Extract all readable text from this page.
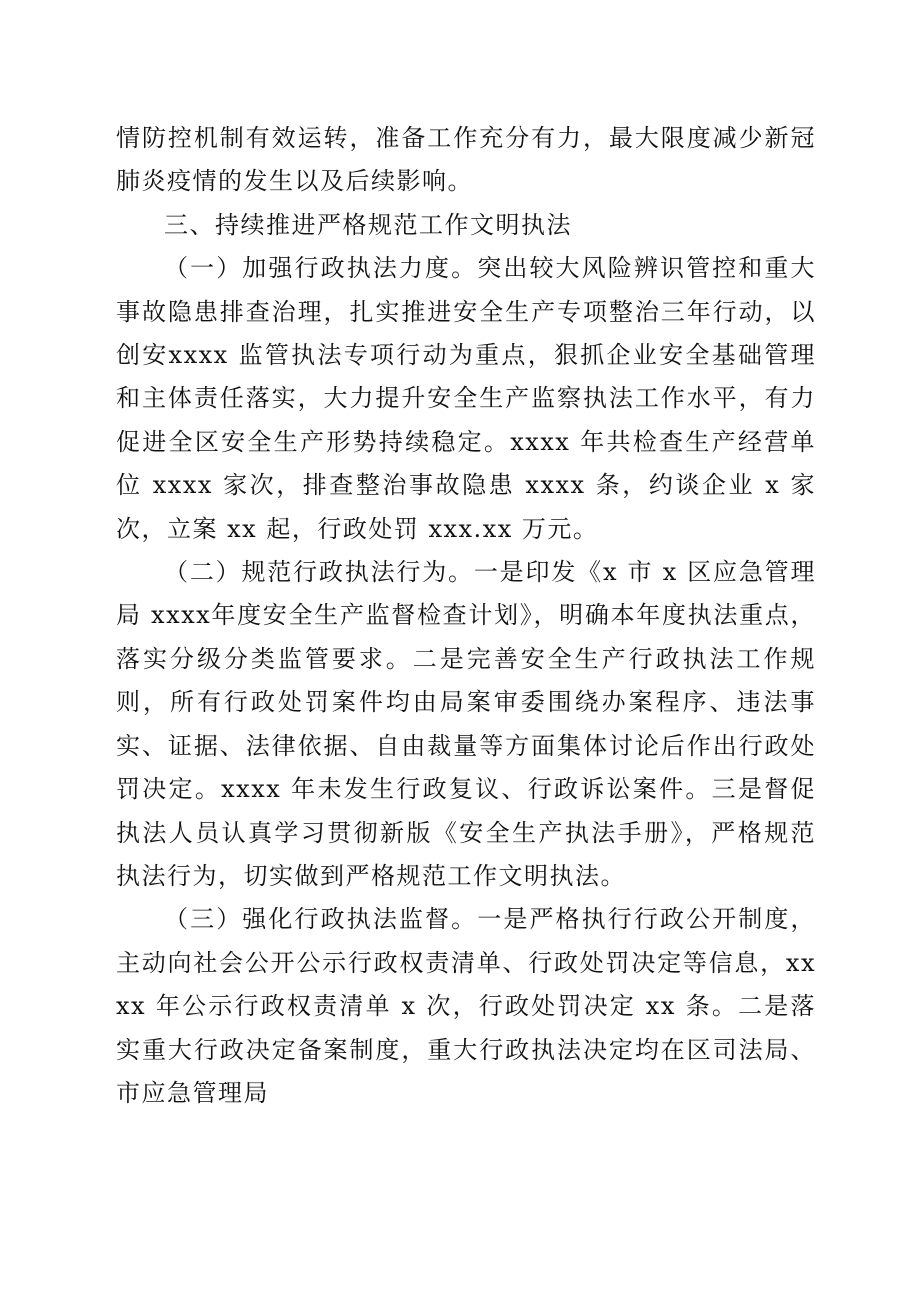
情防控机制有效运转，准备工作充分有力，最大限度减少新冠肺炎疫情的发生以及后续影响。

三、持续推进严格规范工作文明执法

（一）加强行政执法力度。突出较大风险辨识管控和重大事故隐患排查治理，扎实推进安全生产专项整治三年行动，以创安xxxx 监管执法专项行动为重点，狠抓企业安全基础管理和主体责任落实，大力提升安全生产监察执法工作水平，有力促进全区安全生产形势持续稳定。xxxx 年共检查生产经营单位 xxxx 家次，排查整治事故隐患 xxxx 条，约谈企业 x 家次，立案 xx 起，行政处罚 xxx.xx 万元。

（二）规范行政执法行为。一是印发《x 市 x 区应急管理局 xxxx年度安全生产监督检查计划》，明确本年度执法重点，落实分级分类监管要求。二是完善安全生产行政执法工作规则，所有行政处罚案件均由局案审委围绕办案程序、违法事实、证据、法律依据、自由裁量等方面集体讨论后作出行政处罚决定。xxxx 年未发生行政复议、行政诉讼案件。三是督促执法人员认真学习贯彻新版《安全生产执法手册》，严格规范执法行为，切实做到严格规范工作文明执法。

（三）强化行政执法监督。一是严格执行行政公开制度，主动向社会公开公示行政权责清单、行政处罚决定等信息，xxxx 年公示行政权责清单 x 次，行政处罚决定 xx 条。二是落实重大行政决定备案制度，重大行政执法决定均在区司法局、市应急管理局
